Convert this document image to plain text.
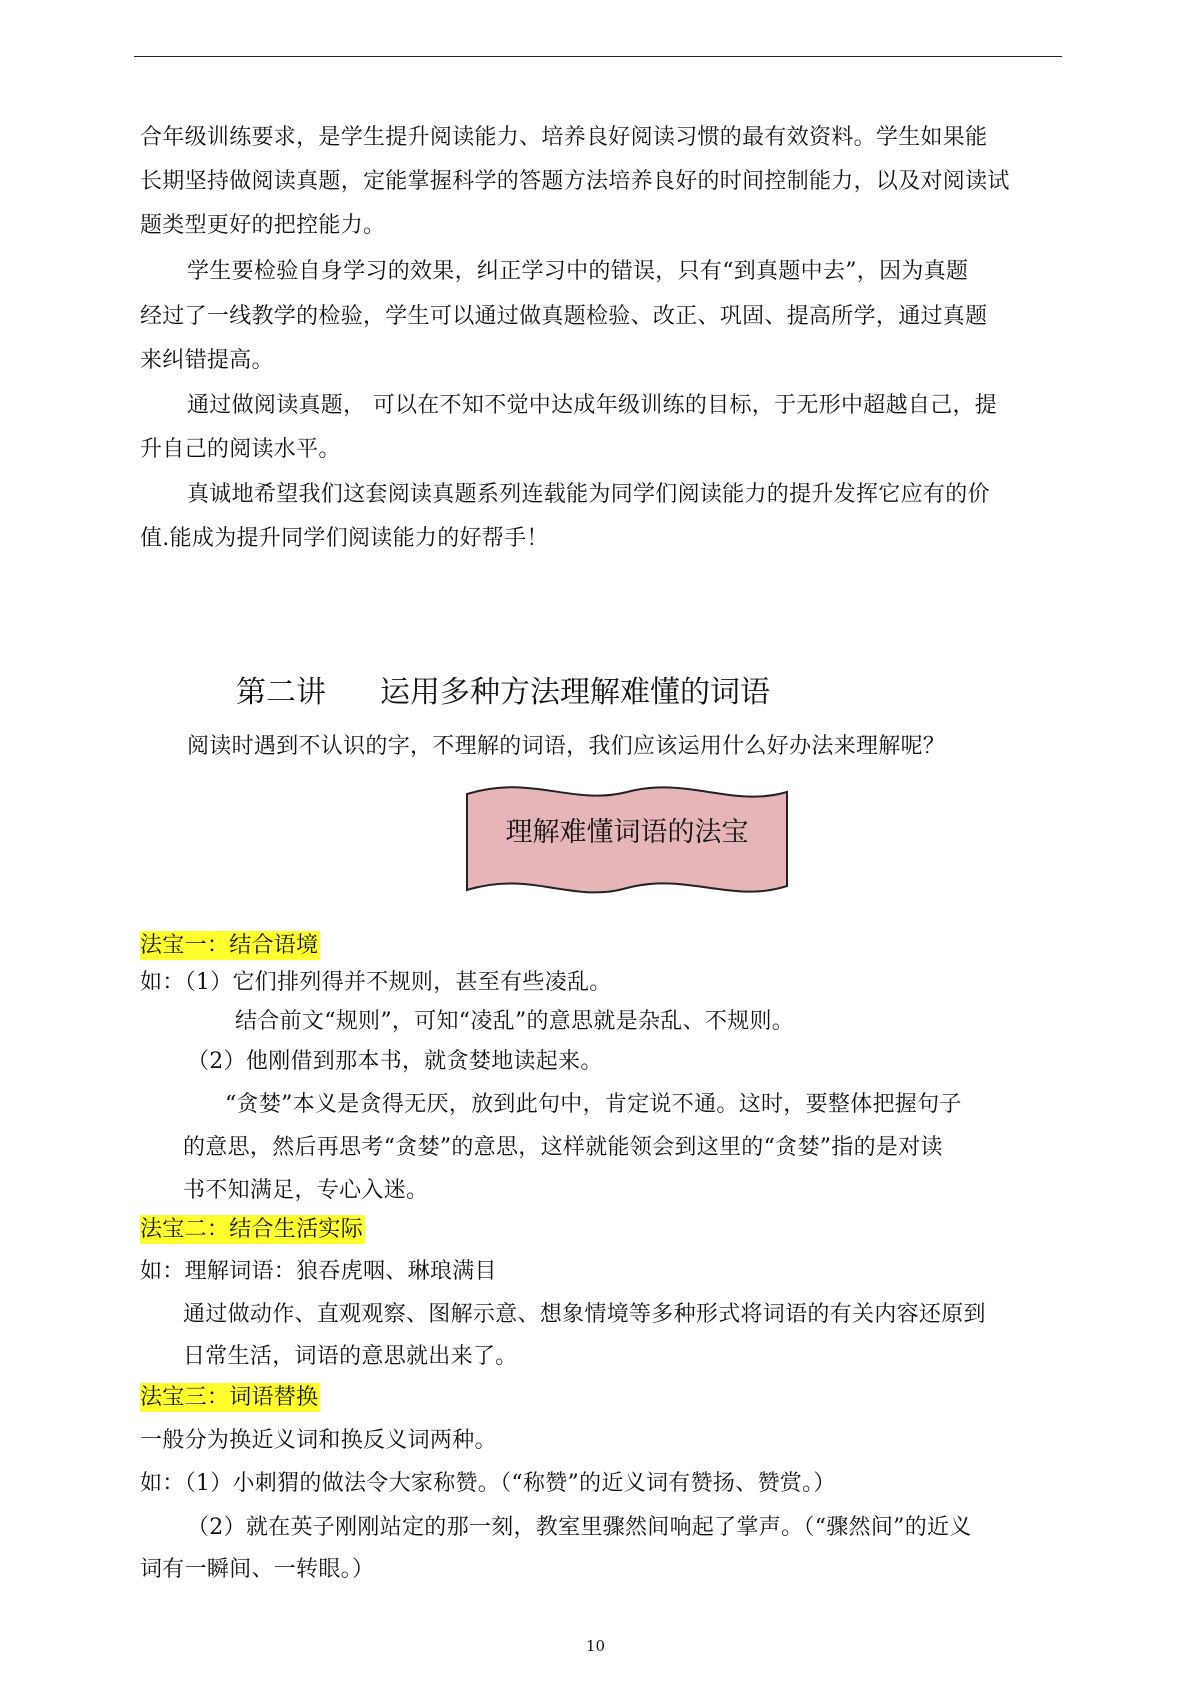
合年级训练要求，是学生提升阅读能力、培养良好阅读习惯的最有效资料。学生如果能
长期坚持做阅读真题，定能掌握科学的答题方法培养良好的时间控制能力，以及对阅读试
题类型更好的把控能力。
学生要检验自身学习的效果，纠正学习中的错误，只有“到真题中去”，因为真题
经过了一线教学的检验，学生可以通过做真题检验、改正、巩固、提高所学，通过真题
来纠错提高。
通过做阅读真题， 可以在不知不觉中达成年级训练的目标，于无形中超越自己，提
升自己的阅读水平。
真诚地希望我们这套阅读真题系列连载能为同学们阅读能力的提升发挥它应有的价
值.能成为提升同学们阅读能力的好帮手！
第二讲 运用多种方法理解难懂的词语
阅读时遇到不认识的字，不理解的词语，我们应该运用什么好办法来理解呢？
理解难懂词语的法宝
法宝一：结合语境
如：（1）它们排列得并不规则，甚至有些凌乱。
结合前文“规则”，可知“凌乱”的意思就是杂乱、不规则。
（2）他刚借到那本书，就贪婪地读起来。
“贪婪”本义是贪得无厌，放到此句中，肯定说不通。这时，要整体把握句子
的意思，然后再思考“贪婪”的意思，这样就能领会到这里的“贪婪”指的是对读
书不知满足，专心入迷。
法宝二：结合生活实际
如：理解词语：狼吞虎咽、琳琅满目
通过做动作、直观观察、图解示意、想象情境等多种形式将词语的有关内容还原到
日常生活，词语的意思就出来了。
法宝三：词语替换
一般分为换近义词和换反义词两种。
如：（1）小刺猬的做法令大家称赞。（“称赞”的近义词有赞扬、赞赏。）
（2）就在英子刚刚站定的那一刻，教室里骤然间响起了掌声。（“骤然间”的近义
词有一瞬间、一转眼。）
10
